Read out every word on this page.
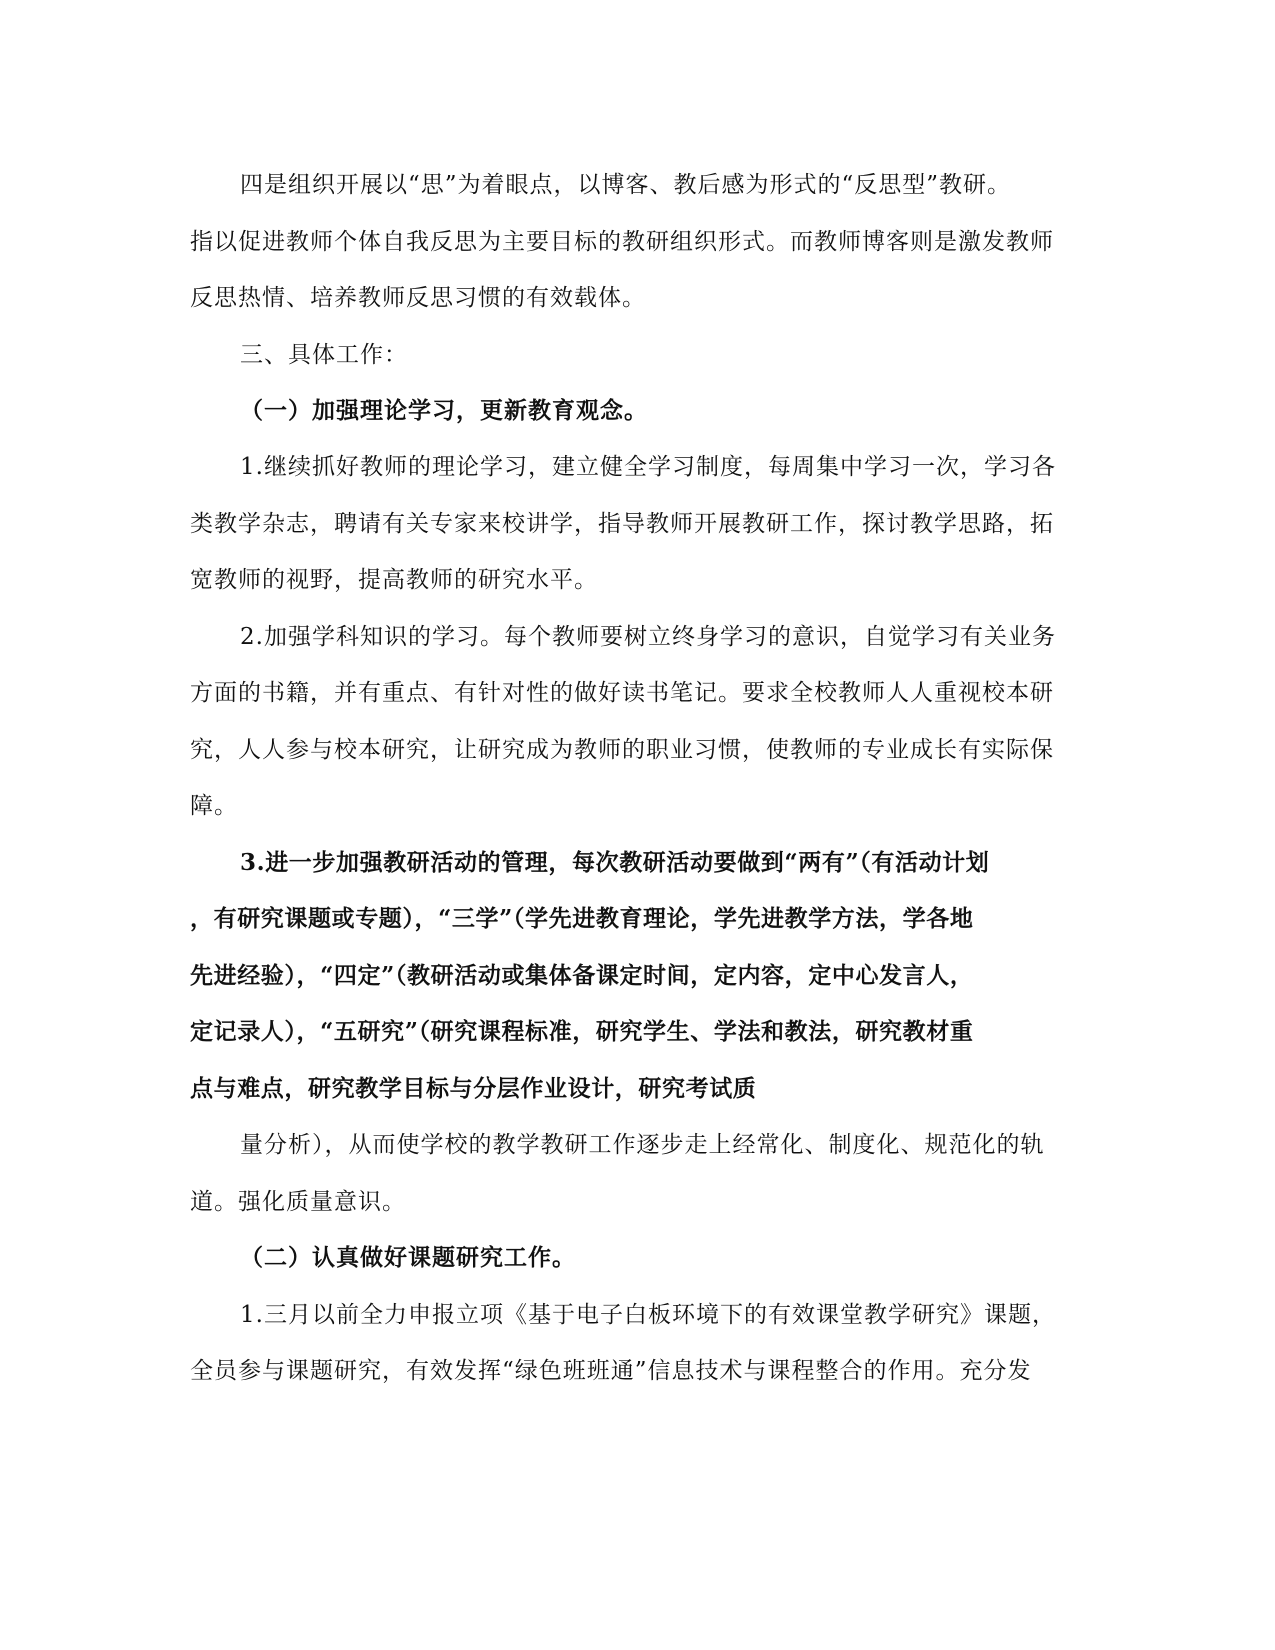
四是组织开展以“思”为着眼点，以博客、教后感为形式的“反思型”教研。
指以促进教师个体自我反思为主要目标的教研组织形式。而教师博客则是激发教师
反思热情、培养教师反思习惯的有效载体。
三、具体工作：
（一）加强理论学习，更新教育观念。
1.继续抓好教师的理论学习，建立健全学习制度，每周集中学习一次，学习各
类教学杂志，聘请有关专家来校讲学，指导教师开展教研工作，探讨教学思路，拓
宽教师的视野，提高教师的研究水平。
2.加强学科知识的学习。每个教师要树立终身学习的意识，自觉学习有关业务
方面的书籍，并有重点、有针对性的做好读书笔记。要求全校教师人人重视校本研
究，人人参与校本研究，让研究成为教师的职业习惯，使教师的专业成长有实际保
障。
3.进一步加强教研活动的管理，每次教研活动要做到“两有”（有活动计划
，有研究课题或专题），“三学”（学先进教育理论，学先进教学方法，学各地
先进经验），“四定”（教研活动或集体备课定时间，定内容，定中心发言人，
定记录人），“五研究”（研究课程标准，研究学生、学法和教法，研究教材重
点与难点，研究教学目标与分层作业设计，研究考试质
量分析），从而使学校的教学教研工作逐步走上经常化、制度化、规范化的轨
道。强化质量意识。
（二）认真做好课题研究工作。
1.三月以前全力申报立项《基于电子白板环境下的有效课堂教学研究》课题，
全员参与课题研究，有效发挥“绿色班班通”信息技术与课程整合的作用。充分发
